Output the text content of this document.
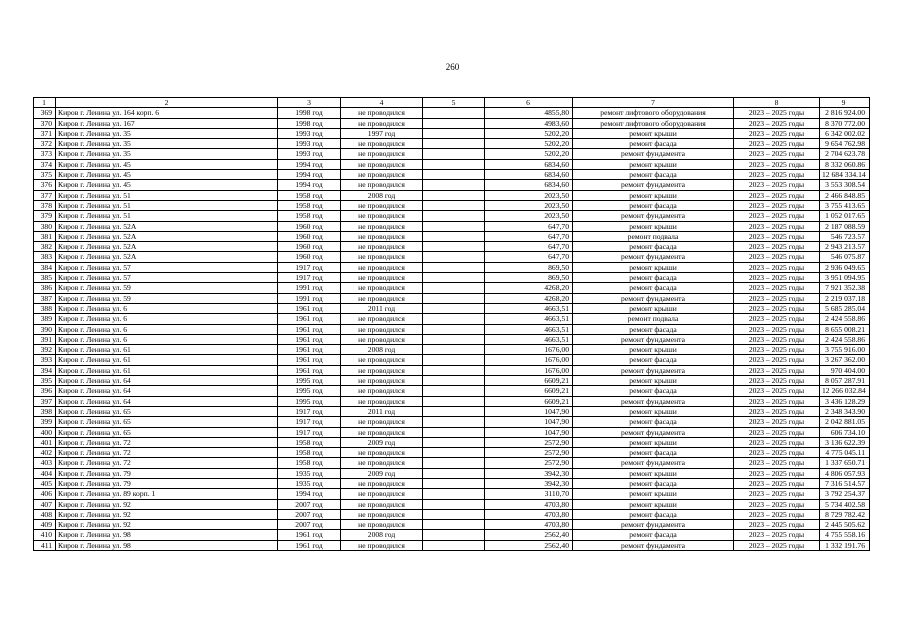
260
1	2	3	4	5	6	7	8	9
369	Киров г. Ленина ул. 164 корп. 6	1998 год	не проводился		4855,80	ремонт лифтового оборудования	2023 – 2025 годы	2 816 924.00
370	Киров г. Ленина ул. 167	1998 год	не проводился		4983,60	ремонт лифтового оборудования	2023 – 2025 годы	8 370 772.00
371	Киров г. Ленина ул. 35	1993 год	1997 год		5202,20	ремонт крыши	2023 – 2025 годы	6 342 002.02
372	Киров г. Ленина ул. 35	1993 год	не проводился		5202,20	ремонт фасада	2023 – 2025 годы	9 654 762.98
373	Киров г. Ленина ул. 35	1993 год	не проводился		5202,20	ремонт фундамента	2023 – 2025 годы	2 704 623.78
374	Киров г. Ленина ул. 45	1994 год	не проводился		6834,60	ремонт крыши	2023 – 2025 годы	8 332 060.86
375	Киров г. Ленина ул. 45	1994 год	не проводился		6834,60	ремонт фасада	2023 – 2025 годы	12 684 334.14
376	Киров г. Ленина ул. 45	1994 год	не проводился		6834,60	ремонт фундамента	2023 – 2025 годы	3 553 308.54
377	Киров г. Ленина ул. 51	1958 год	2008 год		2023,50	ремонт крыши	2023 – 2025 годы	2 466 848.85
378	Киров г. Ленина ул. 51	1958 год	не проводился		2023,50	ремонт фасада	2023 – 2025 годы	3 755 413.65
379	Киров г. Ленина ул. 51	1958 год	не проводился		2023,50	ремонт фундамента	2023 – 2025 годы	1 052 017.65
380	Киров г. Ленина ул. 52А	1960 год	не проводился		647,70	ремонт крыши	2023 – 2025 годы	2 187 088.59
381	Киров г. Ленина ул. 52А	1960 год	не проводился		647,70	ремонт подвала	2023 – 2025 годы	546 723.57
382	Киров г. Ленина ул. 52А	1960 год	не проводился		647,70	ремонт фасада	2023 – 2025 годы	2 943 213.57
383	Киров г. Ленина ул. 52А	1960 год	не проводился		647,70	ремонт фундамента	2023 – 2025 годы	546 075.87
384	Киров г. Ленина ул. 57	1917 год	не проводился		869,50	ремонт крыши	2023 – 2025 годы	2 936 049.65
385	Киров г. Ленина ул. 57	1917 год	не проводился		869,50	ремонт фасада	2023 – 2025 годы	3 951 094.95
386	Киров г. Ленина ул. 59	1991 год	не проводился		4268,20	ремонт фасада	2023 – 2025 годы	7 921 352.38
387	Киров г. Ленина ул. 59	1991 год	не проводился		4268,20	ремонт фундамента	2023 – 2025 годы	2 219 037.18
388	Киров г. Ленина ул. 6	1961 год	2011 год		4663,51	ремонт крыши	2023 – 2025 годы	5 685 285.04
389	Киров г. Ленина ул. 6	1961 год	не проводился		4663,51	ремонт подвала	2023 – 2025 годы	2 424 558.86
390	Киров г. Ленина ул. 6	1961 год	не проводился		4663,51	ремонт фасада	2023 – 2025 годы	8 655 008.21
391	Киров г. Ленина ул. 6	1961 год	не проводился		4663,51	ремонт фундамента	2023 – 2025 годы	2 424 558.86
392	Киров г. Ленина ул. 61	1961 год	2008 год		1676,00	ремонт крыши	2023 – 2025 годы	3 755 916.00
393	Киров г. Ленина ул. 61	1961 год	не проводился		1676,00	ремонт фасада	2023 – 2025 годы	3 267 362.00
394	Киров г. Ленина ул. 61	1961 год	не проводился		1676,00	ремонт фундамента	2023 – 2025 годы	970 404.00
395	Киров г. Ленина ул. 64	1995 год	не проводился		6609,21	ремонт крыши	2023 – 2025 годы	8 057 287.91
396	Киров г. Ленина ул. 64	1995 год	не проводился		6609,21	ремонт фасада	2023 – 2025 годы	12 266 032.84
397	Киров г. Ленина ул. 64	1995 год	не проводился		6609,21	ремонт фундамента	2023 – 2025 годы	3 436 128.29
398	Киров г. Ленина ул. 65	1917 год	2011 год		1047,90	ремонт крыши	2023 – 2025 годы	2 348 343.90
399	Киров г. Ленина ул. 65	1917 год	не проводился		1047,90	ремонт фасада	2023 – 2025 годы	2 042 881.05
400	Киров г. Ленина ул. 65	1917 год	не проводился		1047,90	ремонт фундамента	2023 – 2025 годы	606 734.10
401	Киров г. Ленина ул. 72	1958 год	2009 год		2572,90	ремонт крыши	2023 – 2025 годы	3 136 622.39
402	Киров г. Ленина ул. 72	1958 год	не проводился		2572,90	ремонт фасада	2023 – 2025 годы	4 775 045.11
403	Киров г. Ленина ул. 72	1958 год	не проводился		2572,90	ремонт фундамента	2023 – 2025 годы	1 337 650.71
404	Киров г. Ленина ул. 79	1935 год	2009 год		3942,30	ремонт крыши	2023 – 2025 годы	4 806 057.93
405	Киров г. Ленина ул. 79	1935 год	не проводился		3942,30	ремонт фасада	2023 – 2025 годы	7 316 514.57
406	Киров г. Ленина ул. 89 корп. 1	1994 год	не проводился		3110,70	ремонт крыши	2023 – 2025 годы	3 792 254.37
407	Киров г. Ленина ул. 92	2007 год	не проводился		4703,80	ремонт крыши	2023 – 2025 годы	5 734 402.58
408	Киров г. Ленина ул. 92	2007 год	не проводился		4703,80	ремонт фасада	2023 – 2025 годы	8 729 782.42
409	Киров г. Ленина ул. 92	2007 год	не проводился		4703,80	ремонт фундамента	2023 – 2025 годы	2 445 505.62
410	Киров г. Ленина ул. 98	1961 год	2008 год		2562,40	ремонт фасада	2023 – 2025 годы	4 755 558.16
411	Киров г. Ленина ул. 98	1961 год	не проводился		2562,40	ремонт фундамента	2023 – 2025 годы	1 332 191.76
